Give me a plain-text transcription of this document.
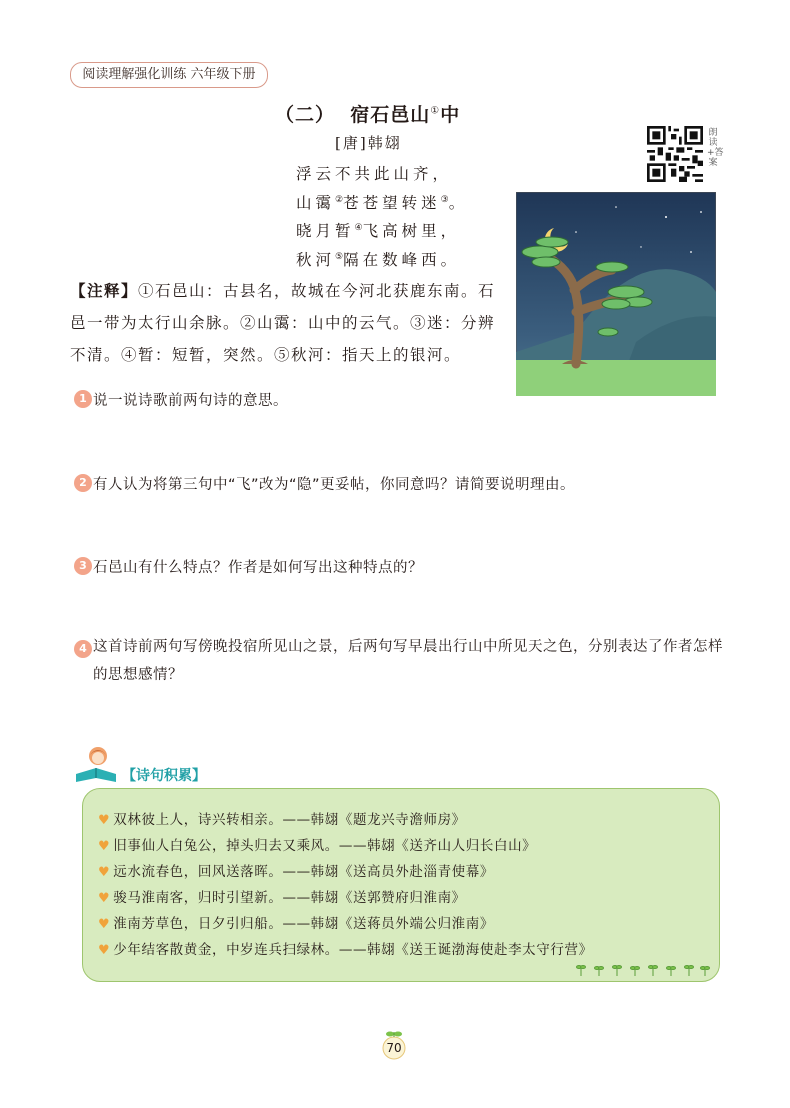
阅读理解强化训练 六年级下册
（二） 宿石邑山①中
[唐]韩翃
浮云不共此山齐，
山霭②苍苍望转迷③。
晓月暂④飞高树里，
秋河⑤隔在数峰西。
【注释】①石邑山：古县名，故城在今河北获鹿东南。石邑一带为太行山余脉。②山霭：山中的云气。③迷：分辨不清。④暂：短暂，突然。⑤秋河：指天上的银河。
朗读+答案
1 说一说诗歌前两句诗的意思。
2 有人认为将第三句中“飞”改为“隐”更妥帖，你同意吗？请简要说明理由。
3 石邑山有什么特点？作者是如何写出这种特点的？
4 这首诗前两句写傍晚投宿所见山之景，后两句写早晨出行山中所见天之色，分别表达了作者怎样的思想感情？
【诗句积累】
♥ 双林彼上人，诗兴转相亲。——韩翃《题龙兴寺澹师房》
♥ 旧事仙人白兔公，掉头归去又乘风。——韩翃《送齐山人归长白山》
♥ 远水流春色，回风送落晖。——韩翃《送高员外赴淄青使幕》
♥ 骏马淮南客，归时引望新。——韩翃《送郭赞府归淮南》
♥ 淮南芳草色，日夕引归船。——韩翃《送蒋员外端公归淮南》
♥ 少年结客散黄金，中岁连兵扫绿林。——韩翃《送王诞渤海使赴李太守行营》
70
